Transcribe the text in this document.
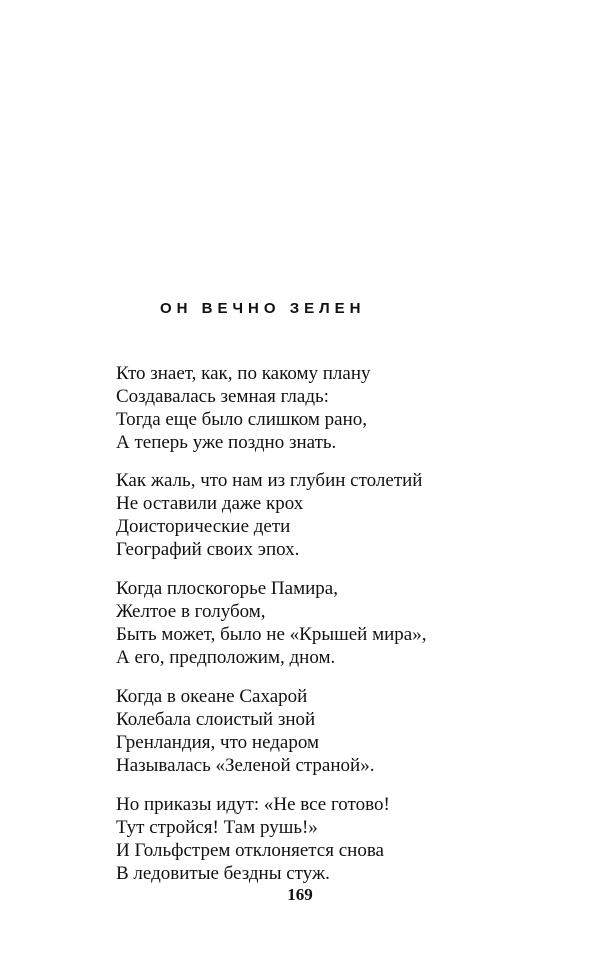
ОН ВЕЧНО ЗЕЛЕН
Кто знает, как, по какому плану
Создавалась земная гладь:
Тогда еще было слишком рано,
А теперь уже поздно знать.
Как жаль, что нам из глубин столетий
Не оставили даже крох
Доисторические дети
Географий своих эпох.
Когда плоскогорье Памира,
Желтое в голубом,
Быть может, было не «Крышей мира»,
А его, предположим, дном.
Когда в океане Сахарой
Колебала слоистый зной
Гренландия, что недаром
Называлась «Зеленой страной».
Но приказы идут: «Не все готово!
Тут стройся! Там рушь!»
И Гольфстрем отклоняется снова
В ледовитые бездны стуж.

169
